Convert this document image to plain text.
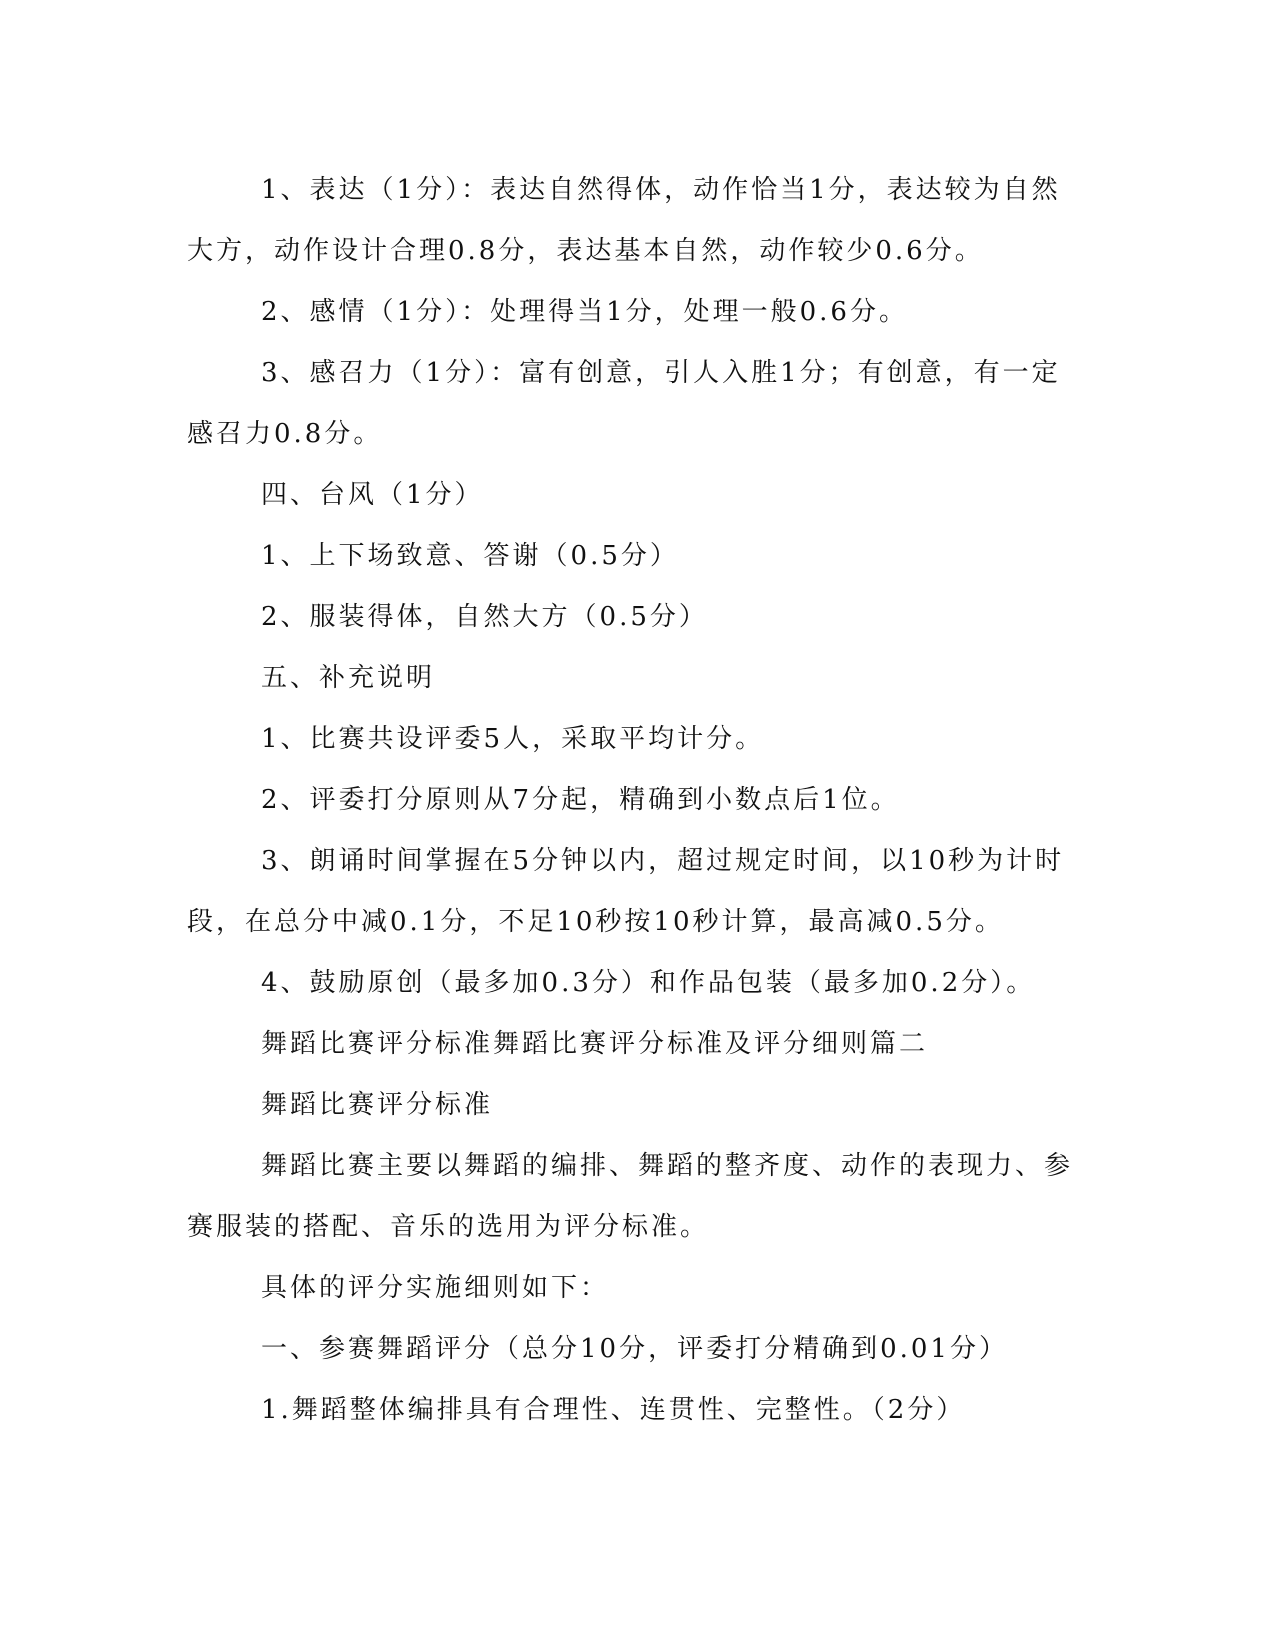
1、表达（1分）：表达自然得体，动作恰当1分，表达较为自然大方，动作设计合理0.8分，表达基本自然，动作较少0.6分。

2、感情（1分）：处理得当1分，处理一般0.6分。

3、感召力（1分）：富有创意，引人入胜1分；有创意，有一定感召力0.8分。

四、台风（1分）

1、上下场致意、答谢（0.5分）

2、服装得体，自然大方（0.5分）

五、补充说明

1、比赛共设评委5人，采取平均计分。

2、评委打分原则从7分起，精确到小数点后1位。

3、朗诵时间掌握在5分钟以内，超过规定时间，以10秒为计时段，在总分中减0.1分，不足10秒按10秒计算，最高减0.5分。

4、鼓励原创（最多加0.3分）和作品包装（最多加0.2分）。

舞蹈比赛评分标准舞蹈比赛评分标准及评分细则篇二

舞蹈比赛评分标准

舞蹈比赛主要以舞蹈的编排、舞蹈的整齐度、动作的表现力、参赛服装的搭配、音乐的选用为评分标准。

具体的评分实施细则如下：

一、参赛舞蹈评分（总分10分，评委打分精确到0.01分）

1.舞蹈整体编排具有合理性、连贯性、完整性。（2分）
